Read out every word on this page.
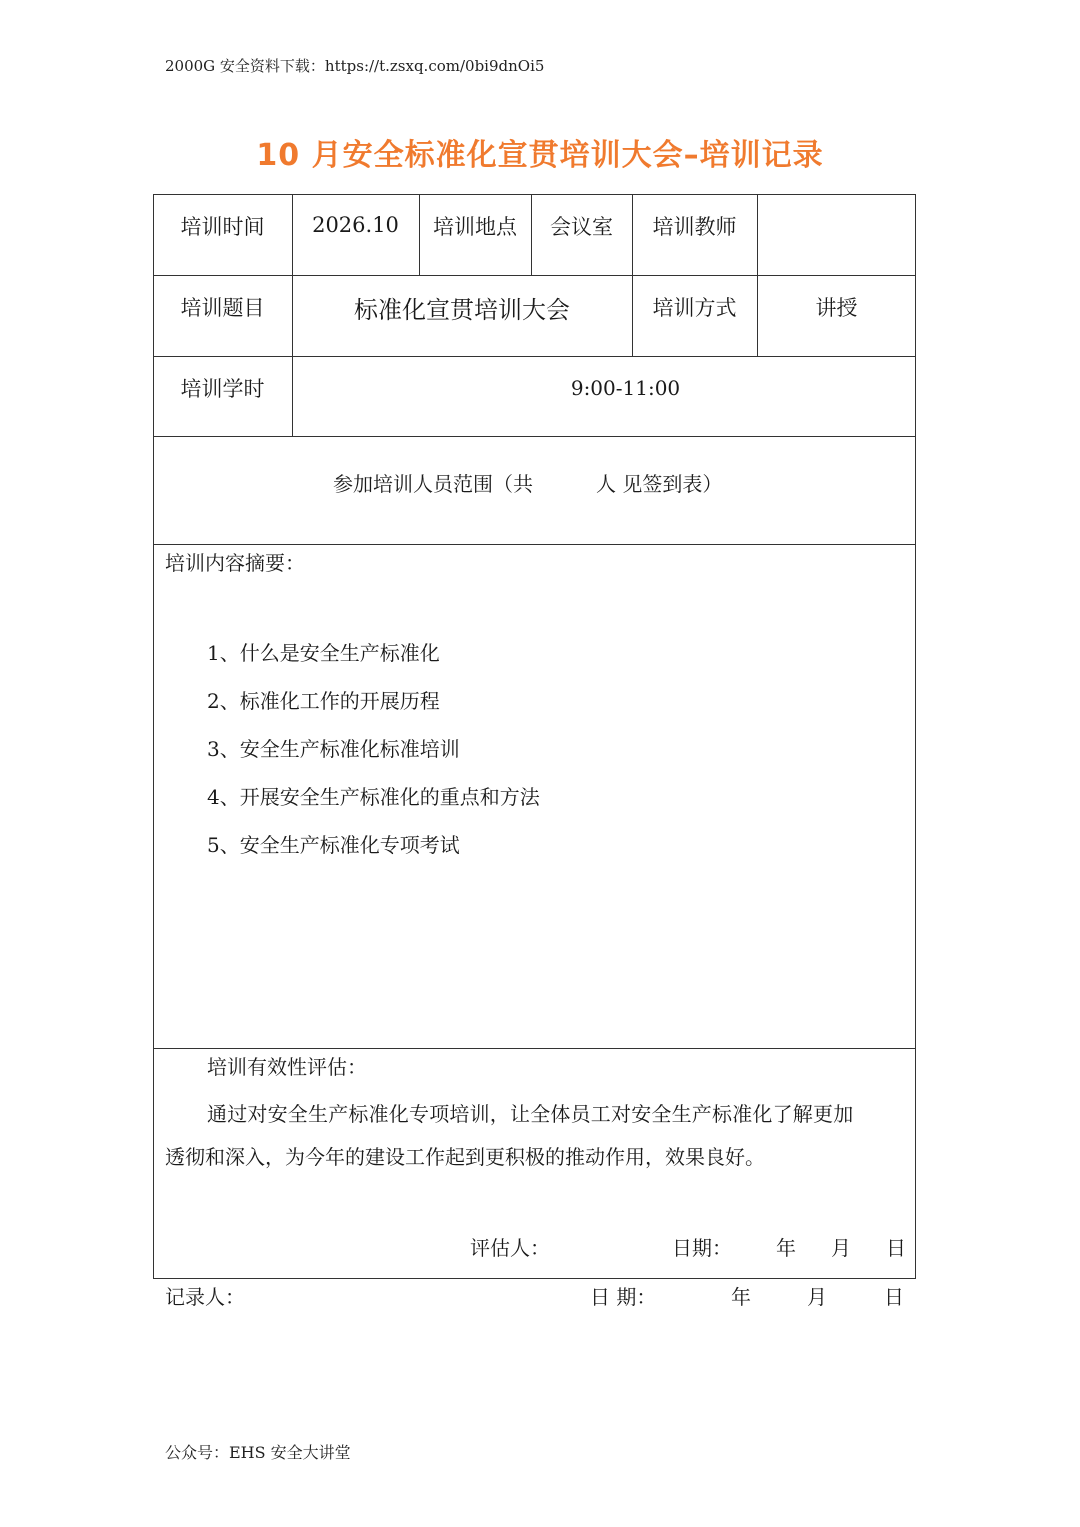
2000G 安全资料下载：https://t.zsxq.com/0bi9dnOi5
10 月安全标准化宣贯培训大会–培训记录
培训时间	2026.10	培训地点	会议室	培训教师
培训题目	标准化宣贯培训大会	培训方式	讲授
培训学时	9:00-11:00
参加培训人员范围（共	人 见签到表）
培训内容摘要：
1、什么是安全生产标准化
2、标准化工作的开展历程
3、安全生产标准化标准培训
4、开展安全生产标准化的重点和方法
5、安全生产标准化专项考试
培训有效性评估：
通过对安全生产标准化专项培训，让全体员工对安全生产标准化了解更加
透彻和深入，为今年的建设工作起到更积极的推动作用，效果良好。
评估人：	日期： 年 月 日
记录人：	日 期：	年	月	日
公众号：EHS 安全大讲堂
